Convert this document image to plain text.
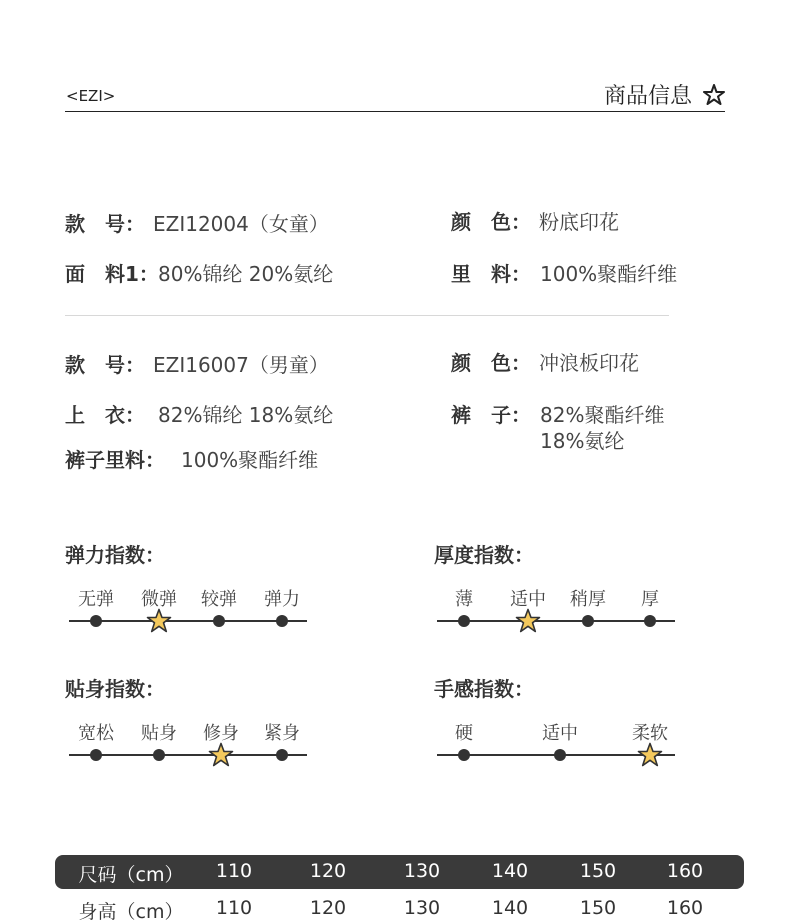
<EZI>	商品信息
款　号： EZI12004（女童）	颜　色： 粉底印花
面　料1： 80%锦纶 20%氨纶	里　料： 100%聚酯纤维
款　号： EZI16007（男童）	颜　色： 冲浪板印花
上　衣： 82%锦纶 18%氨纶	裤　子： 82%聚酯纤维
18%氨纶
裤子里料： 100%聚酯纤维
弹力指数：	厚度指数：
贴身指数：	手感指数：
无弹 微弹 较弹 弹力	薄 适中 稍厚 厚
宽松 贴身 修身 紧身	硬	适中	柔软
尺码（cm） 110	120	130	140	150	160
身高（cm） 110	120	130	140	150	160
